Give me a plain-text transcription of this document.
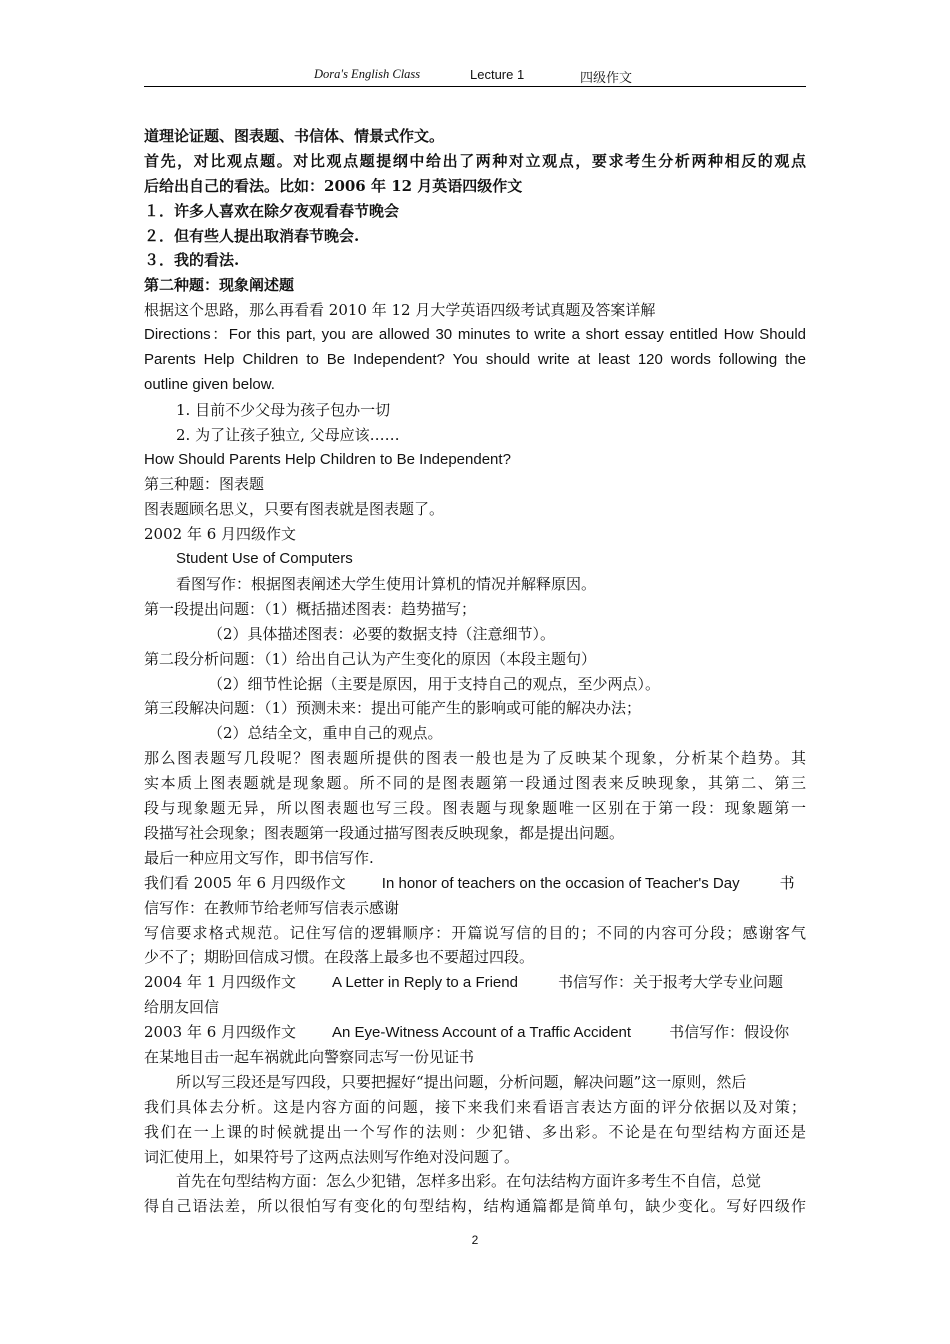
Dora's English Class	Lecture 1	四级作文
道理论证题、图表题、书信体、情景式作文。
首先，对比观点题。对比观点题提纲中给出了两种对立观点，要求考生分析两种相反的观点
后给出自己的看法。比如：2006 年 12 月英语四级作文
１．许多人喜欢在除夕夜观看春节晚会
２．但有些人提出取消春节晚会.
３．我的看法.
第二种题：现象阐述题
根据这个思路，那么再看看 2010 年 12 月大学英语四级考试真题及答案详解
Directions：For this part, you are allowed 30 minutes to write a short essay entitled How Should
Parents Help Children to Be Independent? You should write at least 120 words following the
outline given below.
1. 目前不少父母为孩子包办一切
2. 为了让孩子独立, 父母应该……
How Should Parents Help Children to Be Independent?
第三种题：图表题
图表题顾名思义，只要有图表就是图表题了。
2002 年 6 月四级作文
Student Use of Computers
看图写作：根据图表阐述大学生使用计算机的情况并解释原因。
第一段提出问题：（1）概括描述图表：趋势描写；
（2）具体描述图表：必要的数据支持（注意细节）。
第二段分析问题：（1）给出自己认为产生变化的原因（本段主题句）
（2）细节性论据（主要是原因，用于支持自己的观点，至少两点）。
第三段解决问题：（1）预测未来：提出可能产生的影响或可能的解决办法；
（2）总结全文，重申自己的观点。
那么图表题写几段呢？图表题所提供的图表一般也是为了反映某个现象，分析某个趋势。其
实本质上图表题就是现象题。所不同的是图表题第一段通过图表来反映现象，其第二、第三
段与现象题无异，所以图表题也写三段。图表题与现象题唯一区别在于第一段：现象题第一
段描写社会现象；图表题第一段通过描写图表反映现象，都是提出问题。
最后一种应用文写作，即书信写作.
我们看 2005 年 6 月四级作文 In honor of teachers on the occasion of Teacher's Day	书
信写作：在教师节给老师写信表示感谢
写信要求格式规范。记住写信的逻辑顺序：开篇说写信的目的；不同的内容可分段；感谢客气
少不了；期盼回信成习惯。在段落上最多也不要超过四段。
2004 年 1 月四级作文 A Letter in Reply to a Friend	书信写作：关于报考大学专业问题
给朋友回信
2003 年 6 月四级作文 An Eye-Witness Account of a Traffic Accident	书信写作：假设你
在某地目击一起车祸就此向警察同志写一份见证书
所以写三段还是写四段，只要把握好“提出问题，分析问题，解决问题”这一原则，然后
我们具体去分析。这是内容方面的问题，接下来我们来看语言表达方面的评分依据以及对策；
我们在一上课的时候就提出一个写作的法则：少犯错、多出彩。不论是在句型结构方面还是
词汇使用上，如果符号了这两点法则写作绝对没问题了。
首先在句型结构方面：怎么少犯错，怎样多出彩。在句法结构方面许多考生不自信，总觉
得自己语法差，所以很怕写有变化的句型结构，结构通篇都是简单句，缺少变化。写好四级作
2
